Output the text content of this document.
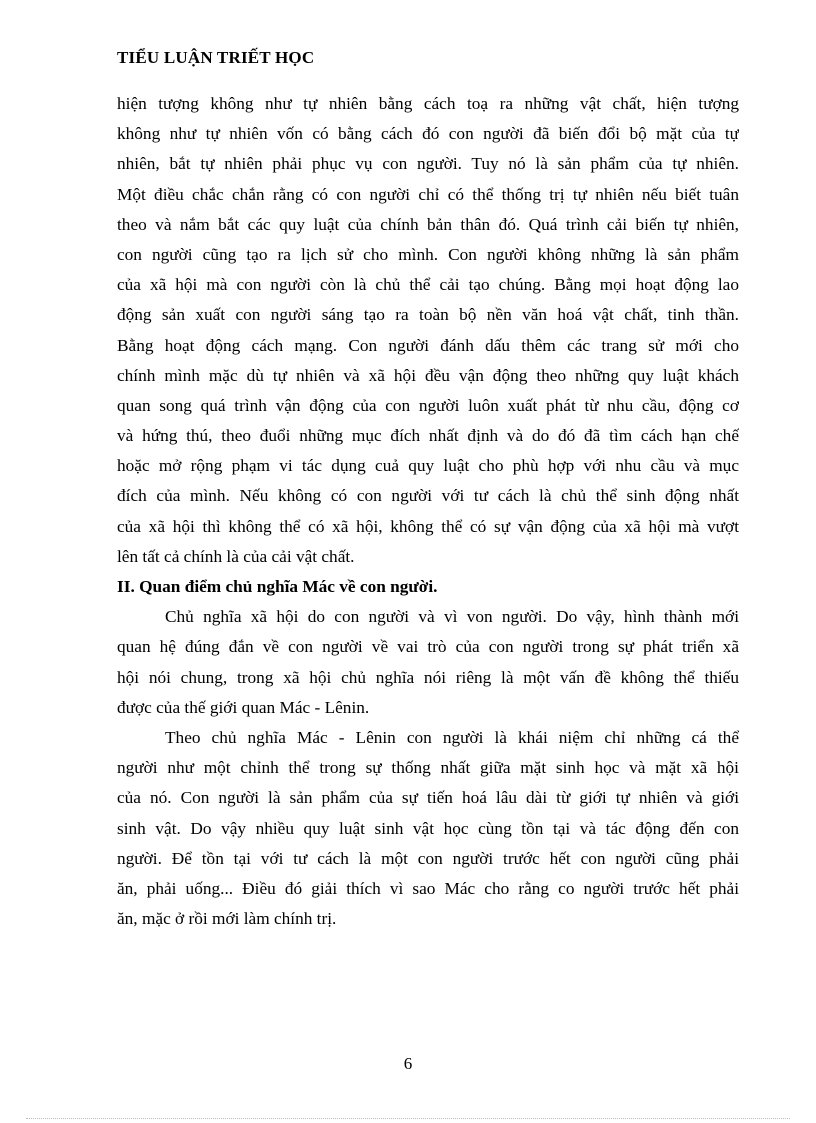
TIỂU LUẬN TRIẾT HỌC
hiện tượng không như tự nhiên bằng cách toạ ra những vật chất, hiện tượng
không như tự nhiên vốn có bằng cách đó con người đã biến đổi bộ mặt của tự
nhiên, bắt tự nhiên phải phục vụ con người. Tuy nó là sản phẩm của tự nhiên.
Một điều chắc chắn rằng có con người chỉ có thể thống trị tự nhiên nếu biết tuân
theo và nắm bắt các quy luật của chính bản thân đó. Quá trình cải biến tự nhiên,
con người cũng tạo ra lịch sử cho mình. Con người không những là sản phẩm
của xã hội mà con người còn là chủ thể cải tạo chúng. Bằng mọi hoạt động lao
động sản xuất con người sáng tạo ra toàn bộ nền văn hoá vật chất, tinh thần.
Bằng hoạt động cách mạng. Con người đánh dấu thêm các trang sử mới cho
chính mình mặc dù tự nhiên và xã hội đều vận động theo những quy luật khách
quan song quá trình vận động của con người luôn xuất phát từ nhu cầu, động cơ
và hứng thú, theo đuổi những mục đích nhất định và do đó đã tìm cách hạn chế
hoặc mở rộng phạm vi tác dụng cuả quy luật cho phù hợp với nhu cầu và mục
đích của mình. Nếu không có con người với tư cách là chủ thể sinh động nhất
của xã hội thì không thể có xã hội, không thể có sự vận động của xã hội mà vượt
lên tất cả chính là của cải vật chất.
II. Quan điểm chủ nghĩa Mác về con người.
Chủ nghĩa xã hội do con người và vì von người. Do vậy, hình thành mới
quan hệ đúng đắn về con người về vai trò của con người trong sự phát triển xã
hội nói chung, trong xã hội chủ nghĩa nói riêng là một vấn đề không thể thiếu
được của thế giới quan Mác - Lênin.
Theo chủ nghĩa Mác - Lênin con người là khái niệm chỉ những cá thể
người như một chỉnh thể trong sự thống nhất giữa mặt sinh học và mặt xã hội
của nó. Con người là sản phẩm của sự tiến hoá lâu dài từ giới tự nhiên và giới
sinh vật. Do vậy nhiều quy luật sinh vật học cùng tồn tại và tác động đến con
người. Để tồn tại với tư cách là một con người trước hết con người cũng phải
ăn, phải uống... Điều đó giải thích vì sao Mác cho rằng co người trước hết phải
ăn, mặc ở rồi mới làm chính trị.
6
